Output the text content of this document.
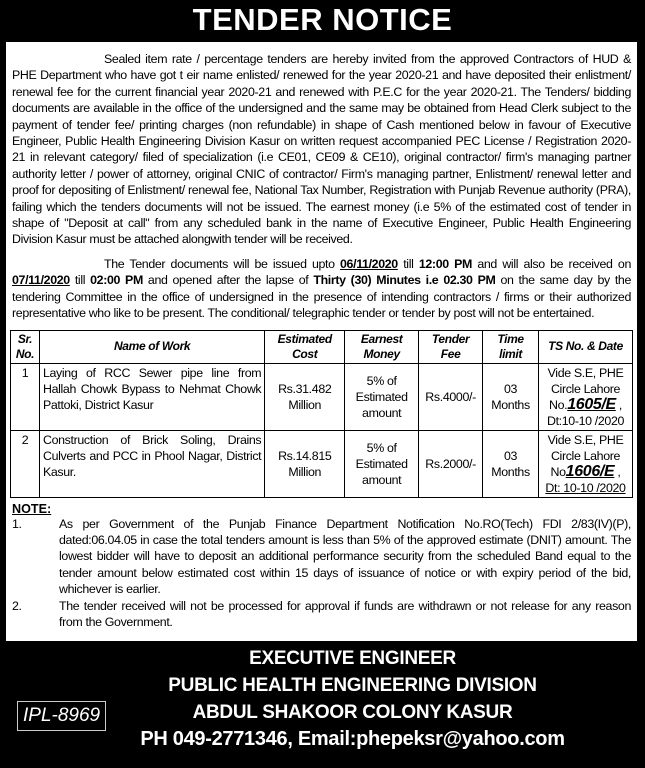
TENDER NOTICE

Sealed item rate / percentage tenders are hereby invited from the approved Contractors of HUD & PHE Department who have got t eir name enlisted/ renewed for the year 2020-21 and have deposited their enlistment/ renewal fee for the current financial year 2020-21 and renewed with P.E.C for the year 2020-21. The Tenders/ bidding documents are available in the office of the undersigned and the same may be obtained from Head Clerk subject to the payment of tender fee/ printing charges (non refundable) in shape of Cash mentioned below in favour of Executive Engineer, Public Health Engineering Division Kasur on written request accompanied PEC License / Registration 2020-21 in relevant category/ filed of specialization (i.e CE01, CE09 & CE10), original contractor/ firm's managing partner authority letter / power of attorney, original CNIC of contractor/ Firm's managing partner, Enlistment/ renewal letter and proof for depositing of Enlistment/ renewal fee, National Tax Number, Registration with Punjab Revenue authority (PRA), failing which the tenders documents will not be issued. The earnest money (i.e 5% of the estimated cost of tender in shape of "Deposit at call" from any scheduled bank in the name of Executive Engineer, Public Health Engineering Division Kasur must be attached alongwith tender will be received.

The Tender documents will be issued upto 06/11/2020 till 12:00 PM and will also be received on 07/11/2020 till 02:00 PM and opened after the lapse of Thirty (30) Minutes i.e 02.30 PM on the same day by the tendering Committee in the office of undersigned in the presence of intending contractors / firms or their authorized representative who like to be present. The conditional/ telegraphic tender or tender by post will not be entertained.

Sr. No.	Name of Work	Estimated Cost	Earnest Money	Tender Fee	Time limit	TS No. & Date
1	Laying of RCC Sewer pipe line from Hallah Chowk Bypass to Nehmat Chowk Pattoki, District Kasur	Rs.31.482 Million	5% of Estimated amount	Rs.4000/-	03 Months	Vide S.E, PHE
Circle Lahore
No.1605/E ,
Dt:10-10 /2020

2	Construction of Brick Soling, Drains Culverts and PCC in Phool Nagar, District Kasur.	Rs.14.815 Million	5% of Estimated amount	Rs.2000/-	03 Months	Vide S.E, PHE
Circle Lahore
No1606/E ,
Dt: 10-10 /2020
NOTE:
1.	As per Government of the Punjab Finance Department Notification No.RO(Tech) FDI 2/83(IV)(P), dated:06.04.05 in case the total tenders amount is less than 5% of the approved estimate (DNIT) amount. The lowest bidder will have to deposit an additional performance security from the scheduled Band equal to the tender amount below estimated cost within 15 days of issuance of notice or with expiry period of the bid, whichever is earlier.
2.	The tender received will not be processed for approval if funds are withdrawn or not release for any reason from the Government.
EXECUTIVE ENGINEER
PUBLIC HEALTH ENGINEERING DIVISION
ABDUL SHAKOOR COLONY KASUR
PH 049-2771346, Email:phepeksr@yahoo.com
IPL-8969
